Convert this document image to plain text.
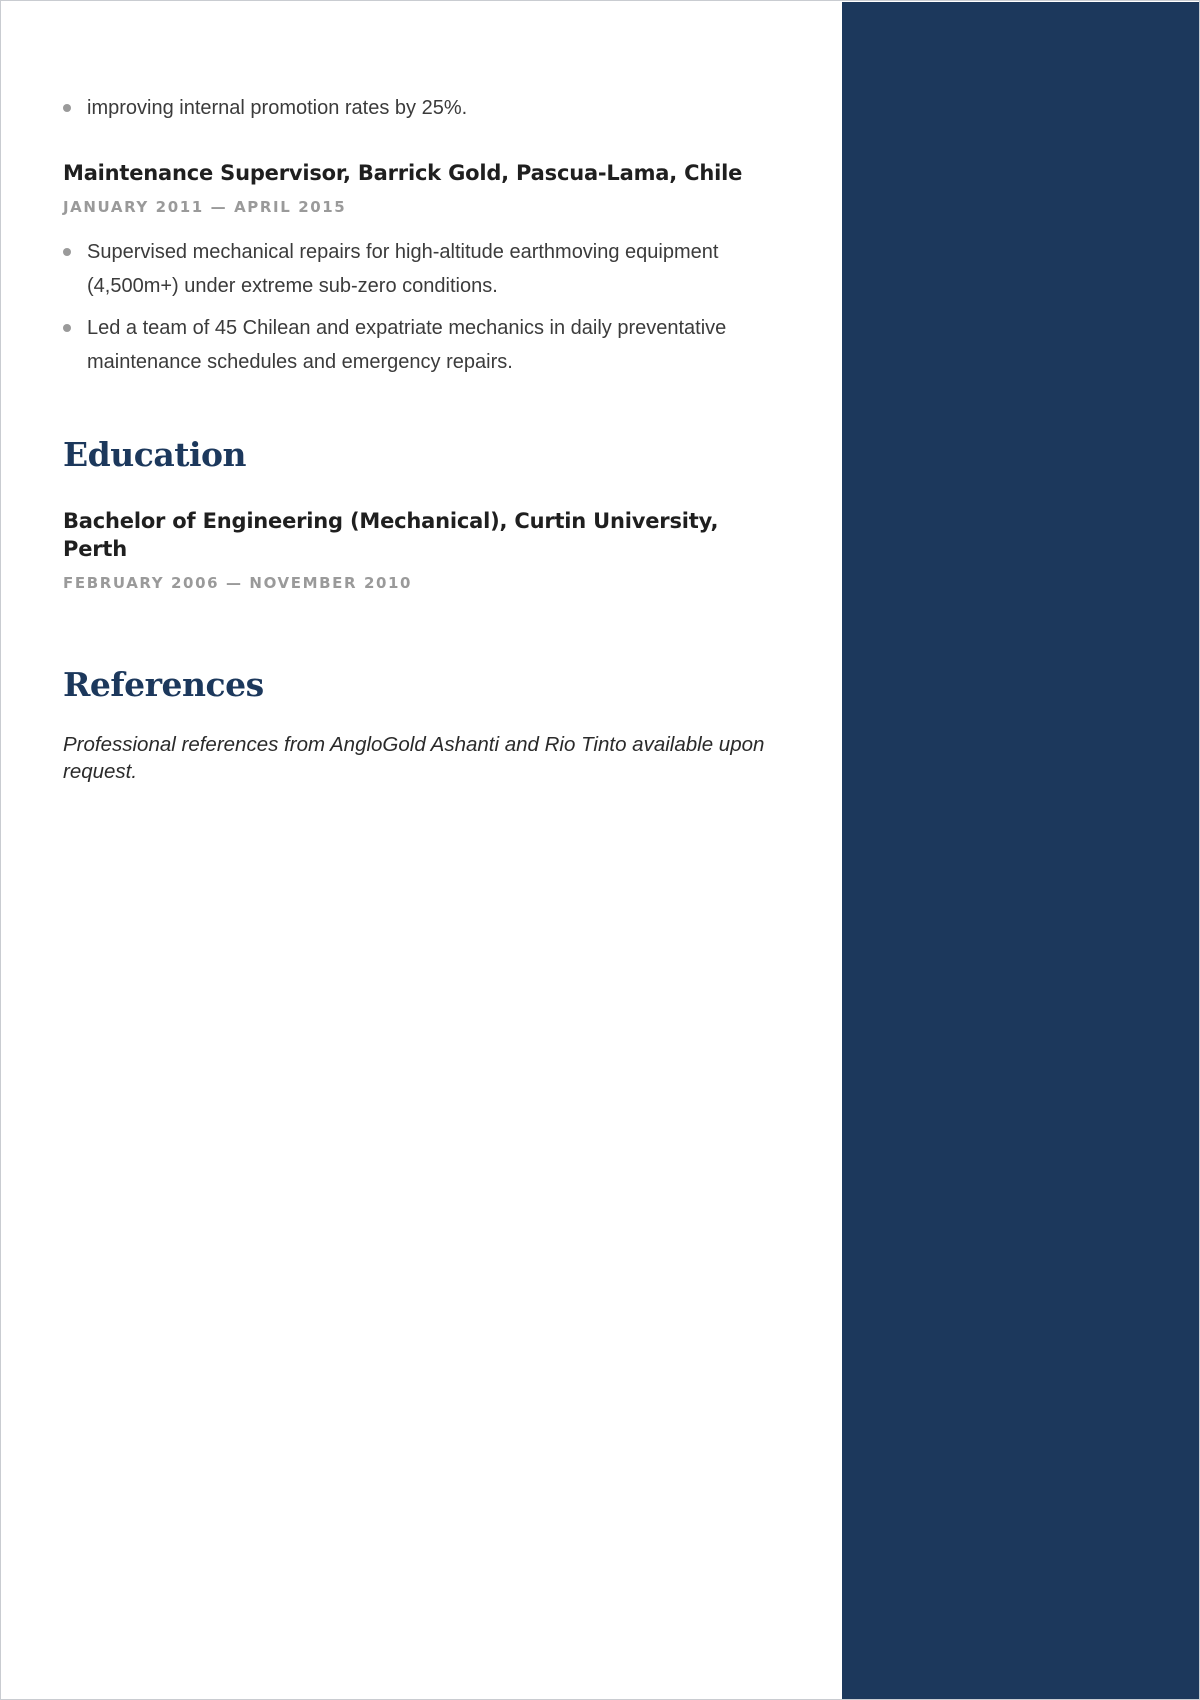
improving internal promotion rates by 25%.
Maintenance Supervisor, Barrick Gold, Pascua-Lama, Chile
JANUARY 2011 — APRIL 2015
Supervised mechanical repairs for high-altitude earthmoving equipment (4,500m+) under extreme sub-zero conditions.
Led a team of 45 Chilean and expatriate mechanics in daily preventative maintenance schedules and emergency repairs.
Education
Bachelor of Engineering (Mechanical), Curtin University, Perth
FEBRUARY 2006 — NOVEMBER 2010
References

Professional references from AngloGold Ashanti and Rio Tinto available upon request.
